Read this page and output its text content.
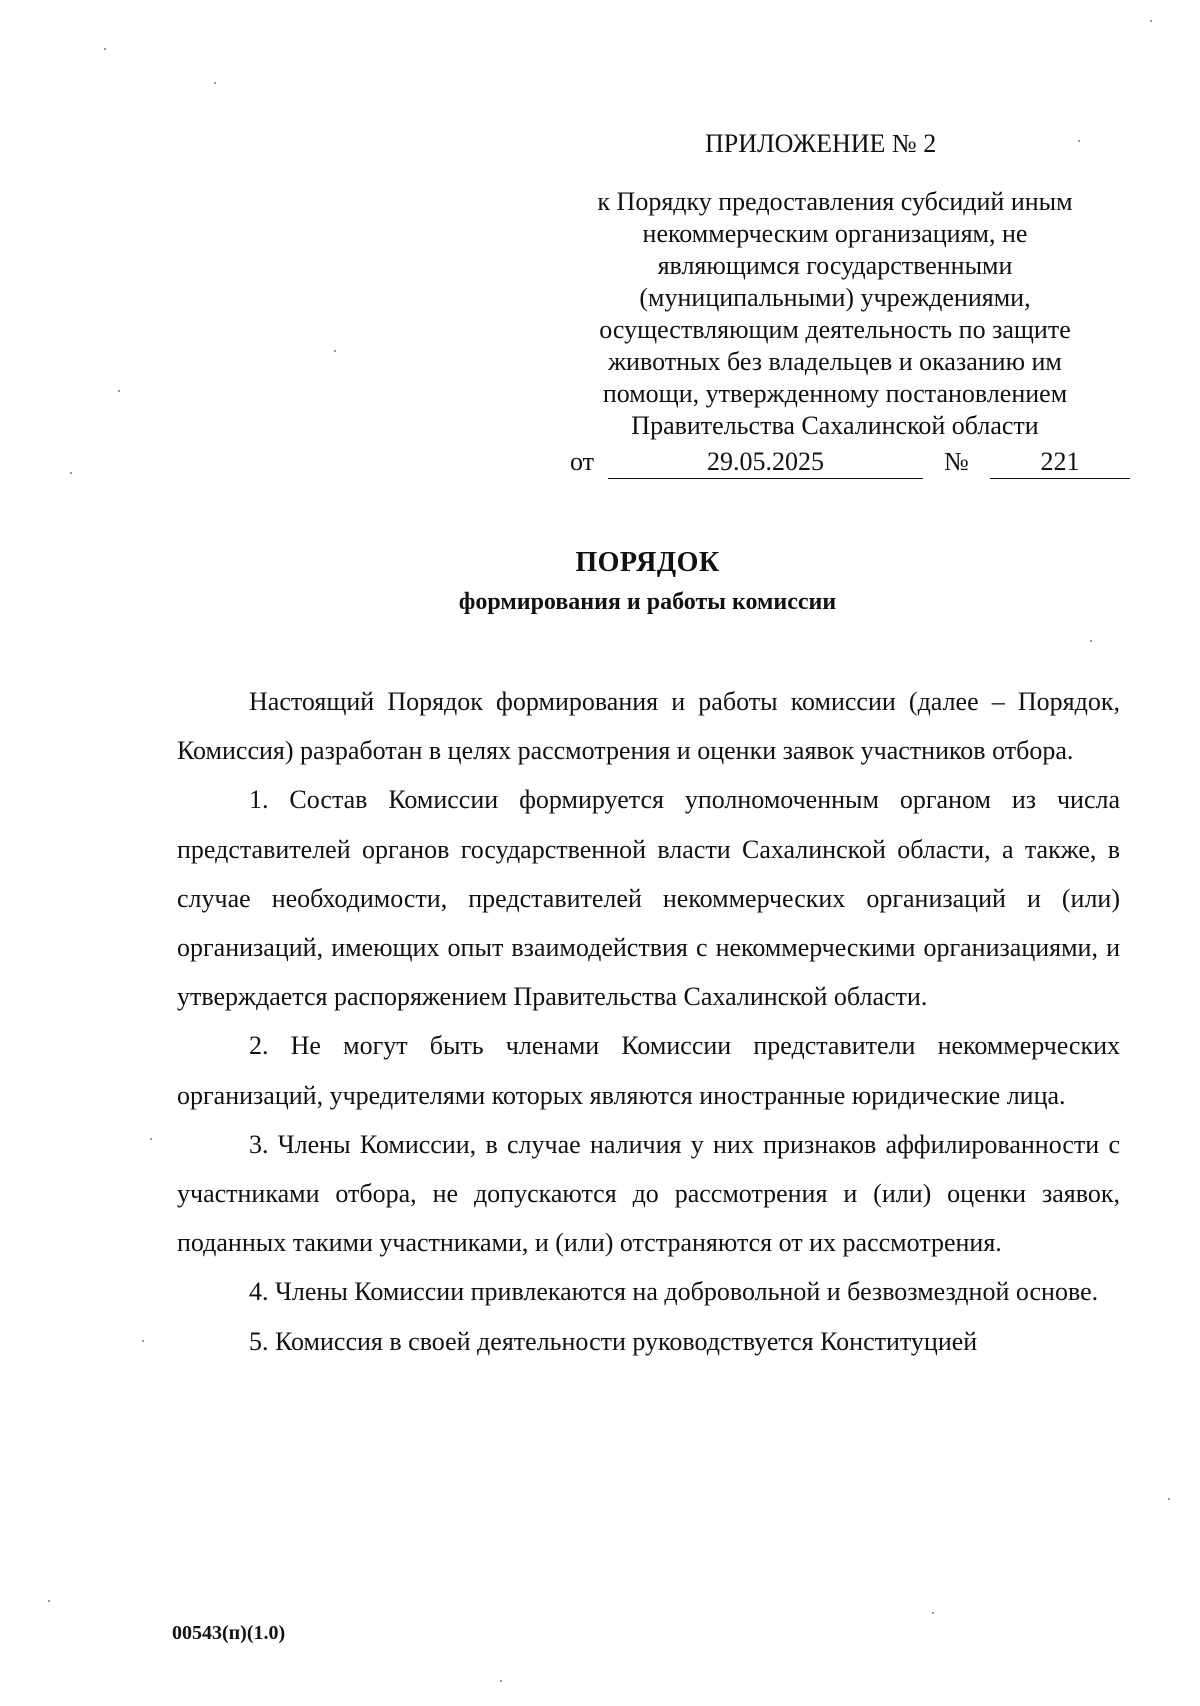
ПРИЛОЖЕНИЕ № 2
к Порядку предоставления субсидий иным
некоммерческим организациям, не
являющимся государственными
(муниципальными) учреждениями,
осуществляющим деятельность по защите
животных без владельцев и оказанию им
помощи, утвержденному постановлением
Правительства Сахалинской области
от	29.05.2025	№	221
ПОРЯДОК
формирования и работы комиссии

Настоящий Порядок формирования и работы комиссии (далее – Порядок, Комиссия) разработан в целях рассмотрения и оценки заявок участников отбора.

1. Состав Комиссии формируется уполномоченным органом из числа представителей органов государственной власти Сахалинской области, а также, в случае необходимости, представителей некоммерческих организаций и (или) организаций, имеющих опыт взаимодействия с некоммерческими организациями, и утверждается распоряжением Правительства Сахалинской области.

2. Не могут быть членами Комиссии представители некоммерческих организаций, учредителями которых являются иностранные юридические лица.

3. Члены Комиссии, в случае наличия у них признаков аффилированности с участниками отбора, не допускаются до рассмотрения и (или) оценки заявок, поданных такими участниками, и (или) отстраняются от их рассмотрения.

4. Члены Комиссии привлекаются на добровольной и безвозмездной основе.

5. Комиссия в своей деятельности руководствуется Конституцией

00543(п)(1.0)
